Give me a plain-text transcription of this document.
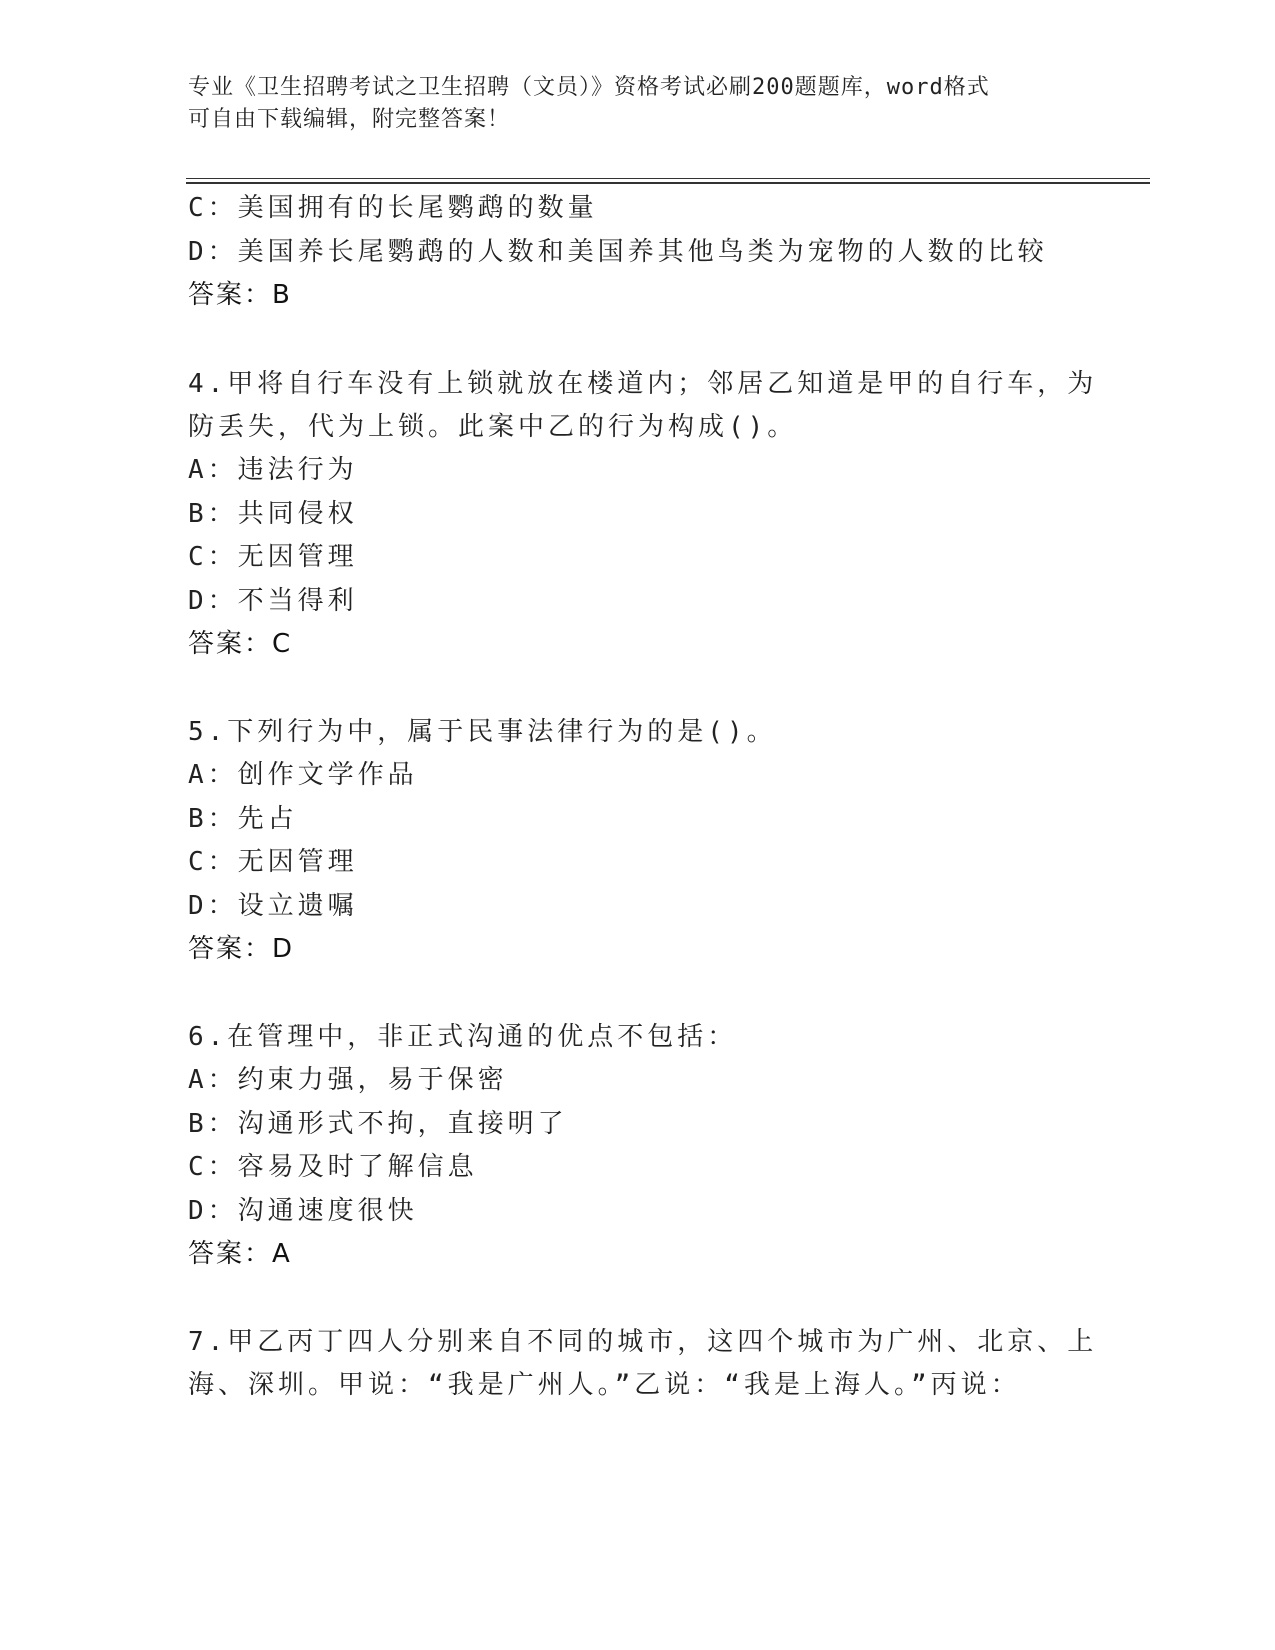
专业《卫生招聘考试之卫生招聘（文员）》资格考试必刷200题题库，word格式
可自由下载编辑，附完整答案！
C：美国拥有的长尾鹦鹉的数量
D：美国养长尾鹦鹉的人数和美国养其他鸟类为宠物的人数的比较
答案：B
4.甲将自行车没有上锁就放在楼道内；邻居乙知道是甲的自行车，为
防丢失，代为上锁。此案中乙的行为构成()。
A：违法行为
B：共同侵权
C：无因管理
D：不当得利
答案：C
5.下列行为中，属于民事法律行为的是()。
A：创作文学作品
B：先占
C：无因管理
D：设立遗嘱
答案：D
6.在管理中，非正式沟通的优点不包括：
A：约束力强，易于保密
B：沟通形式不拘，直接明了
C：容易及时了解信息
D：沟通速度很快
答案：A
7.甲乙丙丁四人分别来自不同的城市，这四个城市为广州、北京、上
海、深圳。甲说：“我是广州人。”乙说：“我是上海人。”丙说：
